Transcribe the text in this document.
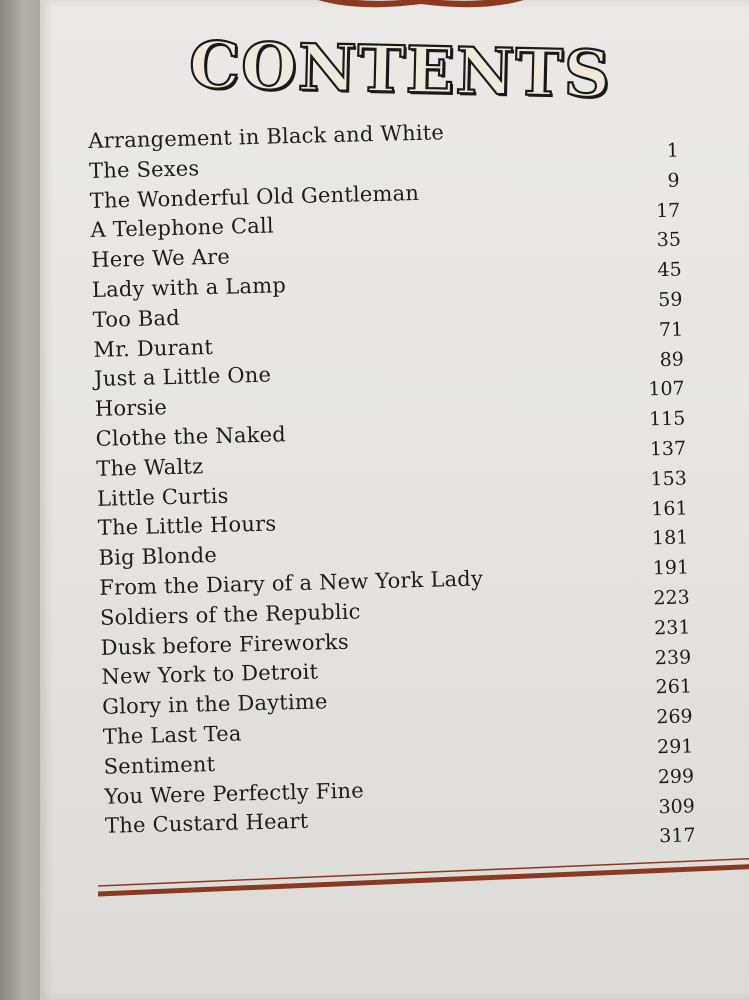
CONTENTS
Arrangement in Black and White	1
The Sexes	9
The Wonderful Old Gentleman	17
A Telephone Call	35
Here We Are	45
Lady with a Lamp	59
Too Bad	71
Mr. Durant	89
Just a Little One	107
Horsie	115
Clothe the Naked	137
The Waltz	153
Little Curtis	161
The Little Hours	181
Big Blonde	191
From the Diary of a New York Lady	223
Soldiers of the Republic	231
Dusk before Fireworks	239
New York to Detroit	261
Glory in the Daytime	269
The Last Tea	291
Sentiment	299
You Were Perfectly Fine	309
The Custard Heart	317
